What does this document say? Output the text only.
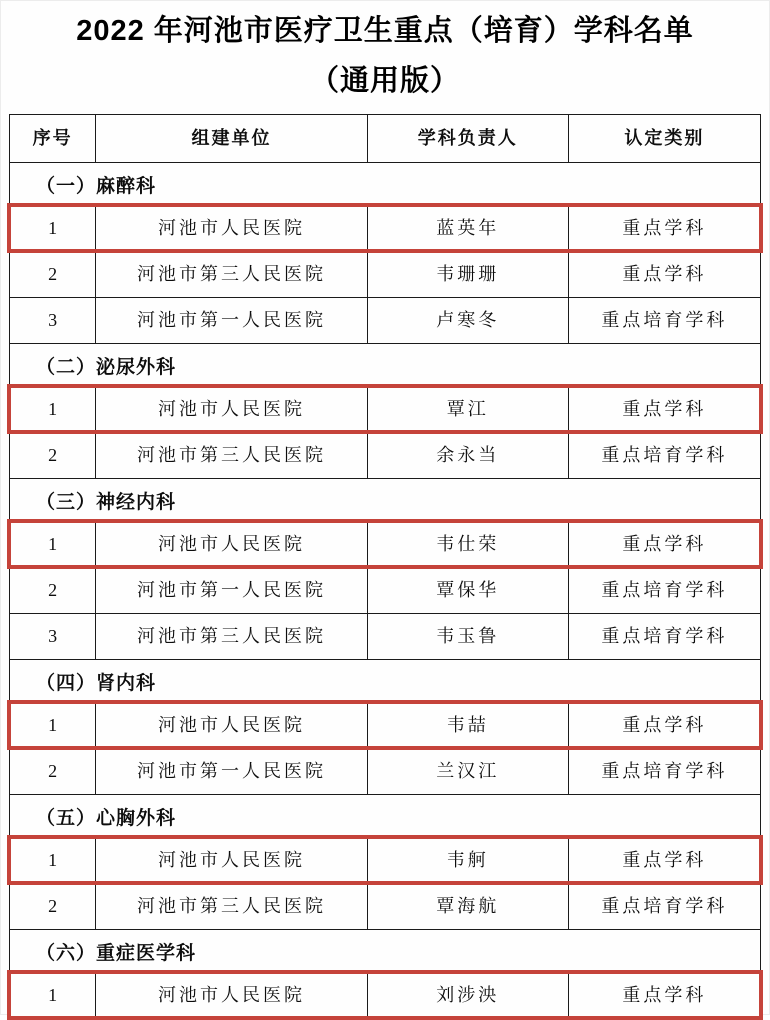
2022 年河池市医疗卫生重点（培育）学科名单
（通用版）
序号	组建单位	学科负责人	认定类别
（一）麻醉科
1	河池市人民医院	蓝英年	重点学科
2	河池市第三人民医院	韦珊珊	重点学科
3	河池市第一人民医院	卢寒冬	重点培育学科
（二）泌尿外科
1	河池市人民医院	覃江	重点学科
2	河池市第三人民医院	余永当	重点培育学科
（三）神经内科
1	河池市人民医院	韦仕荣	重点学科
2	河池市第一人民医院	覃保华	重点培育学科
3	河池市第三人民医院	韦玉鲁	重点培育学科
（四）肾内科
1	河池市人民医院	韦喆	重点学科
2	河池市第一人民医院	兰汉江	重点培育学科
（五）心胸外科
1	河池市人民医院	韦舸	重点学科
2	河池市第三人民医院	覃海航	重点培育学科
（六）重症医学科
1	河池市人民医院	刘涉泱	重点学科
